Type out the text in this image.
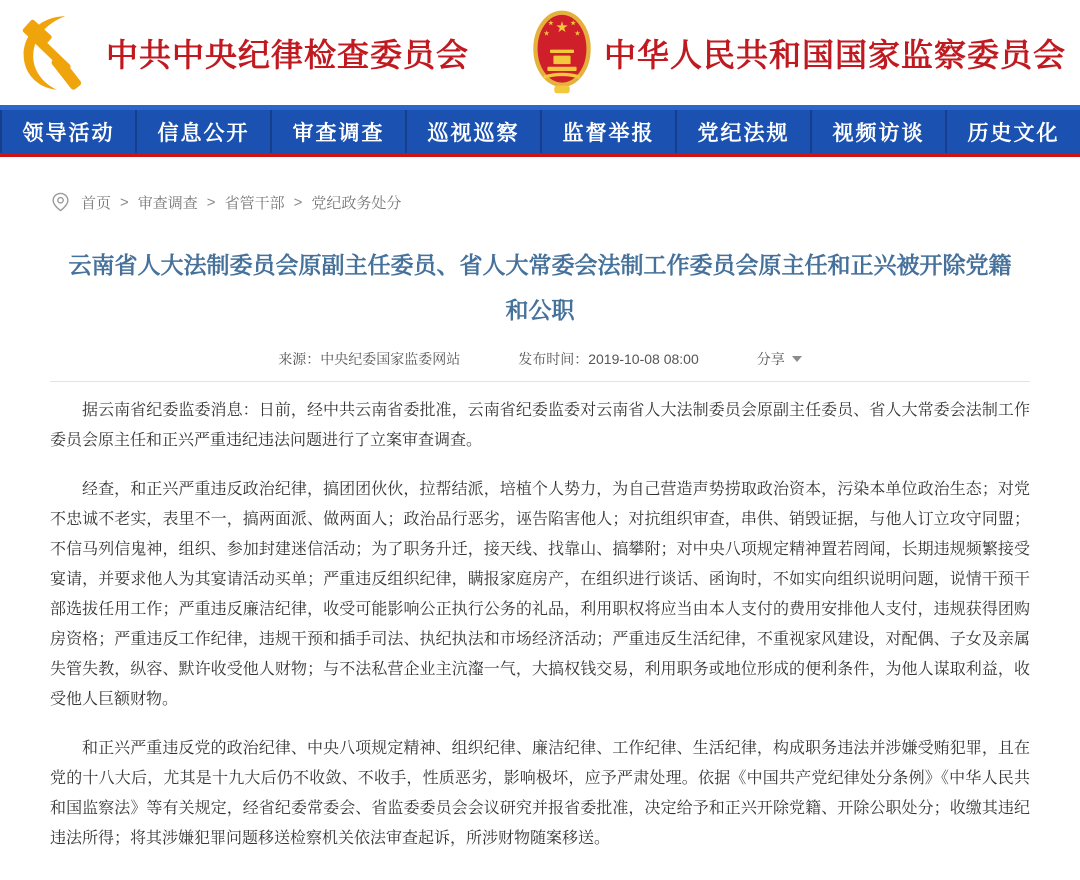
中共中央纪律检查委员会	中华人民共和国国家监察委员会
领导活动	信息公开	审查调查	巡视巡察	监督举报	党纪法规	视频访谈	历史文化
首页 > 审查调查 > 省管干部 > 党纪政务处分
云南省人大法制委员会原副主任委员、省人大常委会法制工作委员会原主任和正兴被开除党籍和公职
来源：中央纪委国家监委网站	发布时间：2019-10-08 08:00	分享

据云南省纪委监委消息：日前，经中共云南省委批准，云南省纪委监委对云南省人大法制委员会原副主任委员、省人大常委会法制工作委员会原主任和正兴严重违纪违法问题进行了立案审查调查。

经查，和正兴严重违反政治纪律，搞团团伙伙，拉帮结派，培植个人势力，为自己营造声势捞取政治资本，污染本单位政治生态；对党不忠诚不老实，表里不一，搞两面派、做两面人；政治品行恶劣，诬告陷害他人；对抗组织审查，串供、销毁证据，与他人订立攻守同盟；不信马列信鬼神，组织、参加封建迷信活动；为了职务升迁，接天线、找靠山、搞攀附；对中央八项规定精神置若罔闻，长期违规频繁接受宴请，并要求他人为其宴请活动买单；严重违反组织纪律，瞒报家庭房产，在组织进行谈话、函询时，不如实向组织说明问题，说情干预干部选拔任用工作；严重违反廉洁纪律，收受可能影响公正执行公务的礼品，利用职权将应当由本人支付的费用安排他人支付，违规获得团购房资格；严重违反工作纪律，违规干预和插手司法、执纪执法和市场经济活动；严重违反生活纪律，不重视家风建设，对配偶、子女及亲属失管失教，纵容、默许收受他人财物；与不法私营企业主沆瀣一气，大搞权钱交易，利用职务或地位形成的便利条件，为他人谋取利益，收受他人巨额财物。

和正兴严重违反党的政治纪律、中央八项规定精神、组织纪律、廉洁纪律、工作纪律、生活纪律，构成职务违法并涉嫌受贿犯罪，且在党的十八大后，尤其是十九大后仍不收敛、不收手，性质恶劣，影响极坏，应予严肃处理。依据《中国共产党纪律处分条例》《中华人民共和国监察法》等有关规定，经省纪委常委会、省监委委员会会议研究并报省委批准，决定给予和正兴开除党籍、开除公职处分；收缴其违纪违法所得；将其涉嫌犯罪问题移送检察机关依法审查起诉，所涉财物随案移送。
